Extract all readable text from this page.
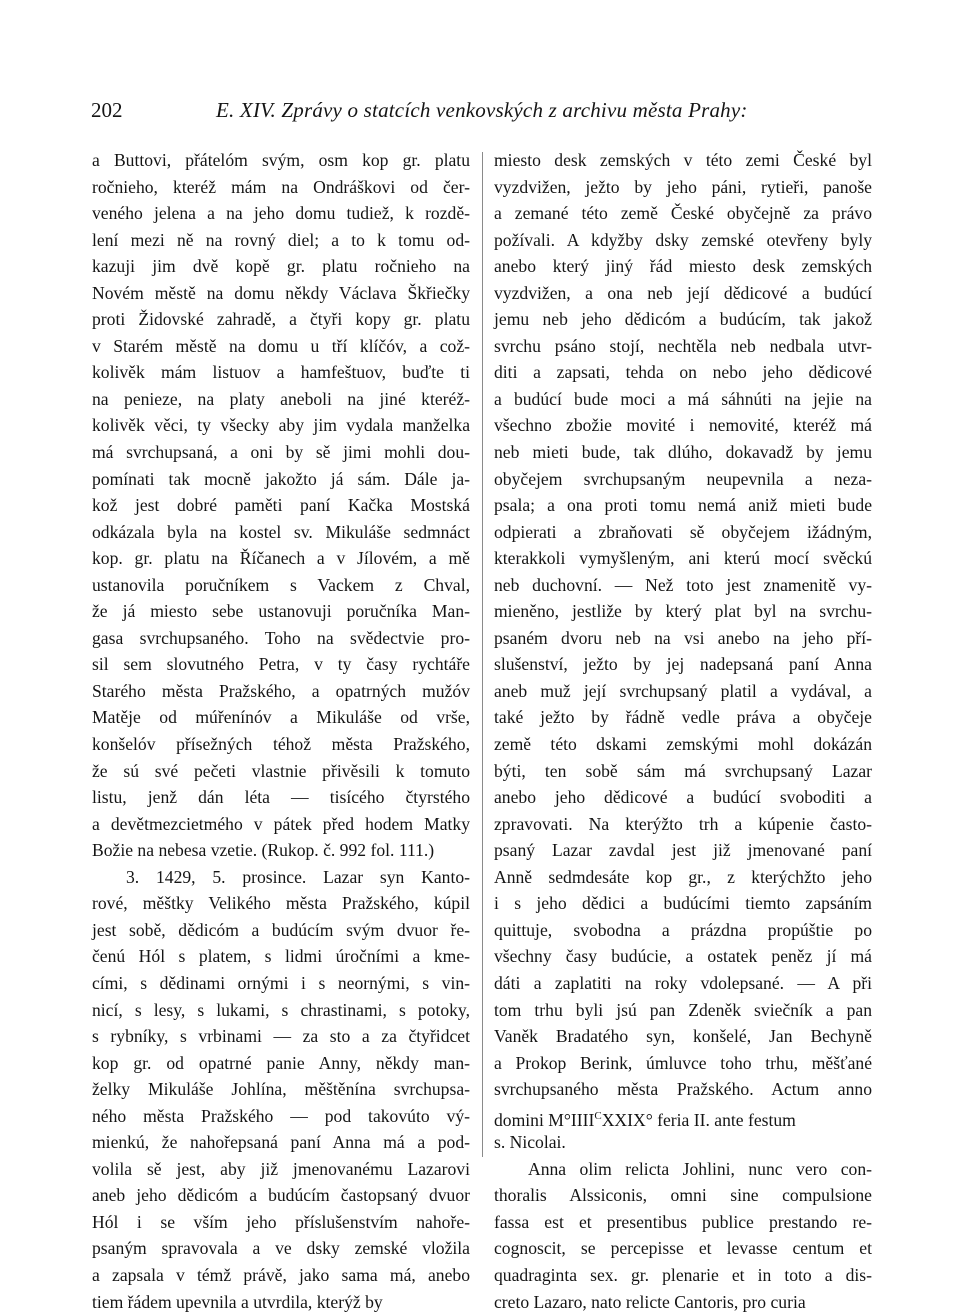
202	E. XIV. Zprávy o statcích venkovských z archivu města Prahy:
a Buttovi, přátelóm svým, osm kop gr. platu
ročnieho, kteréž mám na Ondráškovi od čer-
veného jelena a na jeho domu tudiež, k rozdě-
lení mezi ně na rovný diel; a to k tomu od-
kazuji jim dvě kopě gr. platu ročnieho na
Novém městě na domu někdy Václava Škřiečky
proti Židovské zahradě, a čtyři kopy gr. platu
v Starém městě na domu u tří klíčóv, a což-
kolivěk mám listuov a hamfeštuov, buďte ti
na penieze, na platy aneboli na jiné kteréž-
kolivěk věci, ty všecky aby jim vydala manželka
má svrchupsaná, a oni by sě jimi mohli dou-
pomínati tak mocně jakožto já sám. Dále ja-
kož jest dobré paměti paní Kačka Mostská
odkázala byla na kostel sv. Mikuláše sedmnáct
kop. gr. platu na Říčanech a v Jílovém, a mě
ustanovila poručníkem s Vackem z Chval,
že já miesto sebe ustanovuji poručníka Man-
gasa svrchupsaného. Toho na svědectvie pro-
sil sem slovutného Petra, v ty časy rychtáře
Starého města Pražského, a opatrných mužóv
Matěje od múřenínóv a Mikuláše od vrše,
konšelóv přísežných téhož města Pražského,
že sú své pečeti vlastnie přivěsili k tomuto
listu, jenž dán léta — tisícého čtyrstého
a devětmezcietmého v pátek před hodem Matky
Božie na nebesa vzetie. (Rukop. č. 992 fol. 111.)
3. 1429, 5. prosince. Lazar syn Kanto-
rové, měštky Velikého města Pražského, kúpil
jest sobě, dědicóm a budúcím svým dvuor ře-
čenú Hól s platem, s lidmi úročními a kme-
cími, s dědinami ornými i s neornými, s vin-
nicí, s lesy, s lukami, s chrastinami, s potoky,
s rybníky, s vrbinami — za sto a za čtyřidcet
kop gr. od opatrné panie Anny, někdy man-
želky Mikuláše Johlína, měštěnína svrchupsa-
ného města Pražského — pod takovúto vý-
mienkú, že nahořepsaná paní Anna má a pod-
volila sě jest, aby již jmenovanému Lazarovi
aneb jeho dědicóm a budúcím častopsaný dvuor
Hól i se vším jeho příslušenstvím nahoře-
psaným spravovala a ve dsky zemské vložila
a zapsala v témž právě, jako sama má, anebo
tiem řádem upevnila a utvrdila, kterýž by
miesto desk zemských v této zemi České byl
vyzdvižen, ježto by jeho páni, rytieři, panoše
a zemané této země České obyčejně za právo
požívali. A kdyžby dsky zemské otevřeny byly
anebo který jiný řád miesto desk zemských
vyzdvižen, a ona neb její dědicové a budúcí
jemu neb jeho dědicóm a budúcím, tak jakož
svrchu psáno stojí, nechtěla neb nedbala utvr-
diti a zapsati, tehda on nebo jeho dědicové
a budúcí bude moci a má sáhnúti na jejie na
všechno zbožie movité i nemovité, kteréž má
neb mieti bude, tak dlúho, dokavadž by jemu
obyčejem svrchupsaným neupevnila a neza-
psala; a ona proti tomu nemá aniž mieti bude
odpierati a zbraňovati sě obyčejem ižádným,
kterakkoli vymyšleným, ani kterú mocí svěckú
neb duchovní. — Než toto jest znamenitě vy-
mieněno, jestliže by který plat byl na svrchu-
psaném dvoru neb na vsi anebo na jeho pří-
slušenství, ježto by jej nadepsaná paní Anna
aneb muž její svrchupsaný platil a vydával, a
také ježto by řádně vedle práva a obyčeje
země této dskami zemskými mohl dokázán
býti, ten sobě sám má svrchupsaný Lazar
anebo jeho dědicové a budúcí svoboditi a
zpravovati. Na kterýžto trh a kúpenie často-
psaný Lazar zavdal jest již jmenované paní
Anně sedmdesáte kop gr., z kterýchžto jeho
i s jeho dědici a budúcími tiemto zapsáním
quittuje, svobodna a prázdna propúštie po
všechny časy budúcie, a ostatek peněz jí má
dáti a zaplatiti na roky vdolepsané. — A při
tom trhu byli jsú pan Zdeněk sviečník a pan
Vaněk Bradatého syn, konšelé, Jan Bechyně
a Prokop Berink, úmluvce toho trhu, měšťané
svrchupsaného města Pražského. Actum anno
domini $M^\circ IIII^CXXIX^\circ$ feria II. ante festum
s. Nicolai.
Anna olim relicta Johlini, nunc vero con-
thoralis Alssiconis, omni sine compulsione
fassa est et presentibus publice prestando re-
cognoscit, se percepisse et levasse centum et
quadraginta sex. gr. plenarie et in toto a dis-
creto Lazaro, nato relicte Cantoris, pro curia
